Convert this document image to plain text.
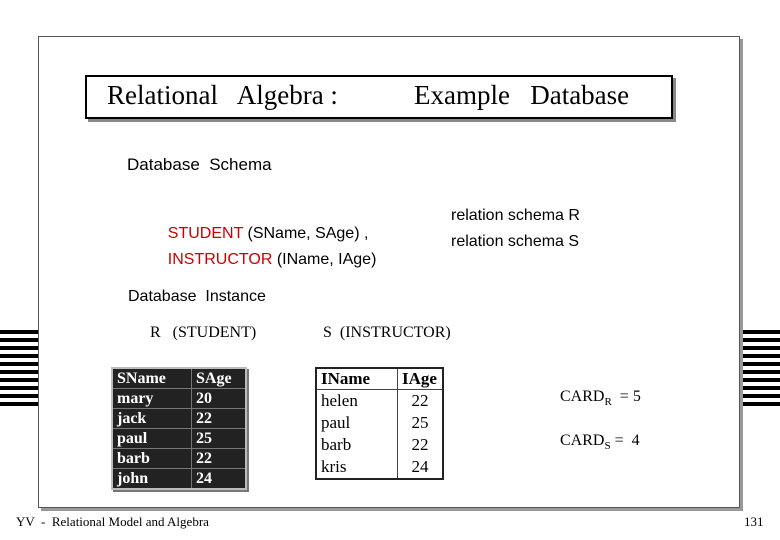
Relational   Algebra :	Example   Database
Database  Schema

STUDENT (SName, SAge) ,

relation schema R

INSTRUCTOR (IName, IAge)

relation schema S
Database  Instance
R   (STUDENT)	S  (INSTRUCTOR)
SName	SAge
mary	20
jack	22
paul	25
barb	22
john	24
IName	IAge
helen	22
paul	25
barb	22
kris	24
$CARD_R = 5$
$CARD_S = 4$
YV  -  Relational Model and Algebra	131
